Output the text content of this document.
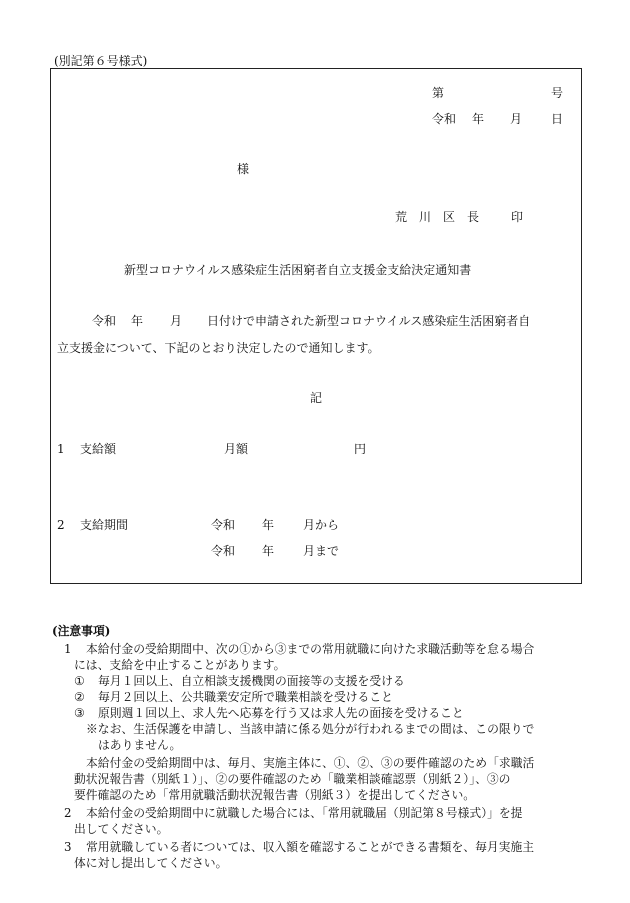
(別記第６号様式)
第	号
令和 年 月 日
様
荒　川　区　長	印
新型コロナウイルス感染症生活困窮者自立支援金支給決定通知書
令和 年 月 日付けで申請された新型コロナウイルス感染症生活困窮者自
立支援金について、下記のとおり決定したので通知します。
記
1 支給額	月額	円
2 支給期間	令和 年 月から
令和 年 月まで
(注意事項)
1 本給付金の受給期間中、次の①から③までの常用就職に向けた求職活動等を怠る場合
には、支給を中止することがあります。
① 毎月１回以上、自立相談支援機関の面接等の支援を受ける
② 毎月２回以上、公共職業安定所で職業相談を受けること
③ 原則週１回以上、求人先へ応募を行う又は求人先の面接を受けること
※なお、生活保護を申請し、当該申請に係る処分が行われるまでの間は、この限りで
はありません。
本給付金の受給期間中は、毎月、実施主体に、①、②、③の要件確認のため「求職活
動状況報告書（別紙１）」、②の要件確認のため「職業相談確認票（別紙２）」、③の
要件確認のため「常用就職活動状況報告書（別紙３）を提出してください。
2 本給付金の受給期間中に就職した場合には、「常用就職届（別記第８号様式）」を提
出してください。
3 常用就職している者については、収入額を確認することができる書類を、毎月実施主
体に対し提出してください。
